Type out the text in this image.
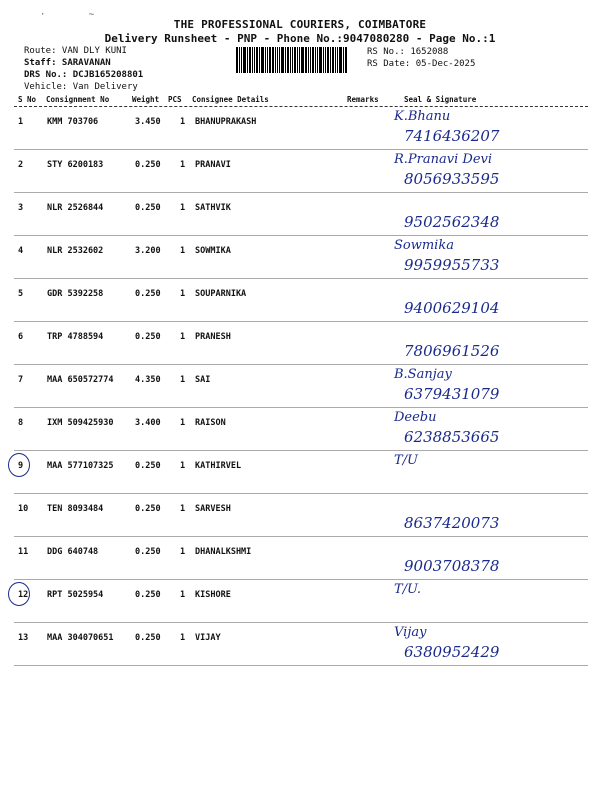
·        ~
THE PROFESSIONAL COURIERS, COIMBATORE
Delivery Runsheet - PNP - Phone No.:9047080280 - Page No.:1
Route: VAN DLY KUNI
Staff: SARAVANAN
DRS No.: DCJB165208801
Vehicle: Van Delivery
RS No.: 1652088
RS Date: 05-Dec-2025
S No Consignment No	Weight PCS Consignee Details	Remarks	Seal & Signature
1	KMM 703706	3.450 1 BHANUPRAKASH	K.Bhanu
7416436207
2	STY 6200183	0.250 1 PRANAVI	R.Pranavi Devi
8056933595
3	NLR 2526844	0.250 1 SATHVIK
9502562348
4	NLR 2532602	3.200 1 SOWMIKA	Sowmika
9959955733
5	GDR 5392258	0.250 1 SOUPARNIKA
9400629104
6	TRP 4788594	0.250 1 PRANESH
7806961526
7	MAA 650572774	4.350 1 SAI	B.Sanjay
6379431079
8	IXM 509425930	3.400 1 RAISON	Deebu
6238853665
9	MAA 577107325	0.250 1 KATHIRVEL	T/U
10 TEN 8093484	0.250 1 SARVESH
8637420073
11 DDG 640748	0.250 1 DHANALKSHMI
9003708378
12 RPT 5025954	0.250 1 KISHORE	T/U.
13 MAA 304070651	0.250 1 VIJAY	Vijay
6380952429
